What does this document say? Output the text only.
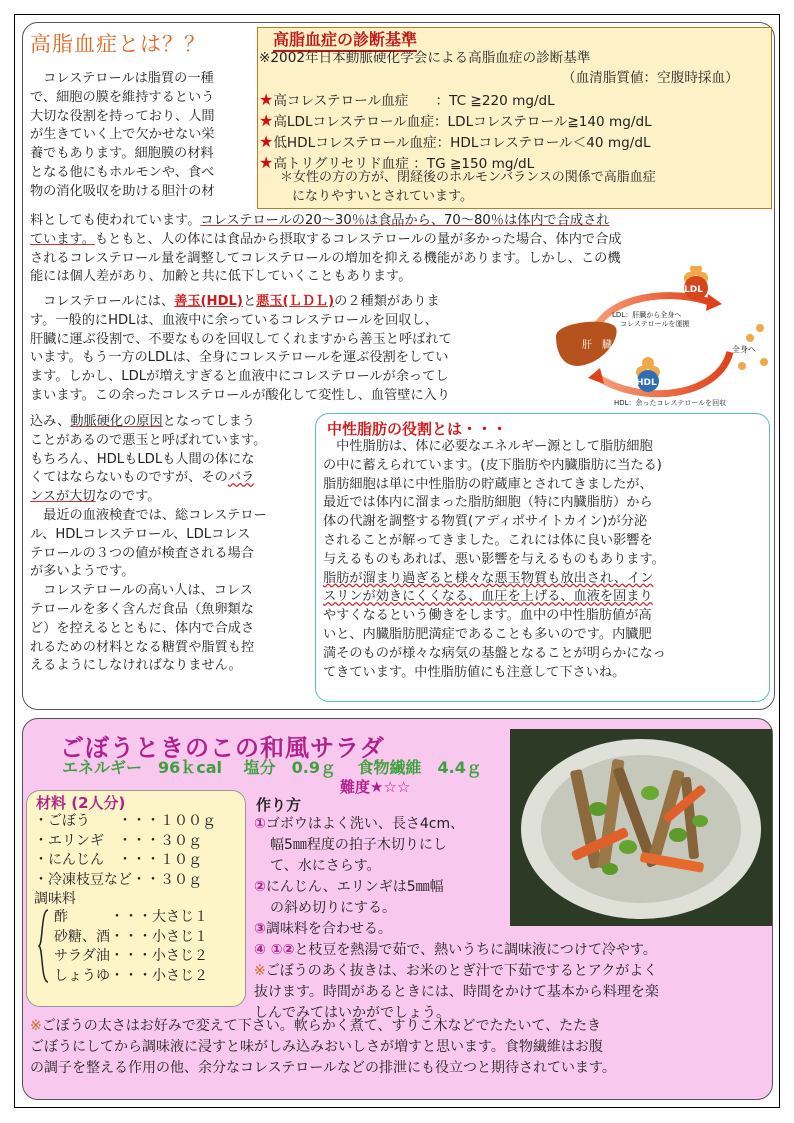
高脂血症とは？？

　コレステロールは脂質の一種

で、細胞の膜を維持するという

大切な役割を持っており、人間

が生きていく上で欠かせない栄

養でもあります。細胞膜の材料

となる他にもホルモンや、食べ

物の消化吸収を助ける胆汁の材

料としても使われています。コレステロールの20～30％は食品から、70～80％は体内で合成され

ています。もともと、人の体には食品から摂取するコレステロールの量が多かった場合、体内で合成

されるコレステロール量を調整してコレステロールの増加を抑える機能があります。しかし、この機

能には個人差があり、加齢と共に低下していくこともあります。

　コレステロールには、善玉(HDL)と悪玉(ＬＤＬ)の２種類がありま

す。一般的にHDLは、血液中に余っているコレステロールを回収し、

肝臓に運ぶ役割で、不要なものを回収してくれますから善玉と呼ばれて

います。もう一方のLDLは、全身にコレステロールを運ぶ役割をしてい

ます。しかし、LDLが増えすぎると血液中にコレステロールが余ってし

まいます。この余ったコレステロールが酸化して変性し、血管壁に入り

込み、動脈硬化の原因となってしまう

ことがあるので悪玉と呼ばれています。

もちろん、HDLもLDLも人間の体にな

くてはならないものですが、そのバラ

ンスが大切なのです。

　最近の血液検査では、総コレステロー

ル、HDLコレステロール、LDLコレス

テロールの３つの値が検査される場合

が多いようです。

　コレステロールの高い人は、コレス

テロールを多く含んだ食品（魚卵類な

ど）を控えるとともに、体内で合成さ

れるための材料となる糖質や脂質も控

えるようにしなければなりません。

高脂血症の診断基準
※2002年日本動脈硬化学会による高脂血症の診断基準
（血清脂質値：空腹時採血）
★高コレステロール血症　　：TC ≧220 mg/dL
★高LDLコレステロール血症：LDLコレステロール≧140 mg/dL
★低HDLコレステロール血症：HDLコレステロール＜40 mg/dL
★高トリグリセリド血症 ：TG ≧150 mg/dL
＊女性の方の方が、閉経後のホルモンバランスの関係で高脂血症
になりやすいとされています。
肝　臓
LDL
LDL：肝臓から全身へ
コレステロールを運搬
HDL
HDL：余ったコレステロールを回収
全身へ
中性脂肪の役割とは・・・

　中性脂肪は、体に必要なエネルギー源として脂肪細胞

の中に蓄えられています。(皮下脂肪や内臓脂肪に当たる)

脂肪細胞は単に中性脂肪の貯蔵庫とされてきましたが、

最近では体内に溜まった脂肪細胞（特に内臓脂肪）から

体の代謝を調整する物質(アディポサイトカイン)が分泌

されることが解ってきました。これには体に良い影響を

与えるものもあれば、悪い影響を与えるものもあります。

脂肪が溜まり過ぎると様々な悪玉物質も放出され、イン

スリンが効きにくくなる、血圧を上げる、血液を固まり

やすくなるという働きをします。血中の中性脂肪値が高

いと、内臓脂肪肥満症であることも多いのです。内臓肥

満そのものが様々な病気の基盤となることが明らかになっ

てきています。中性脂肪値にも注意して下さいね。

ごぼうときのこの和風サラダ
エネルギー　96ｋcal　 塩分　0.9ｇ　 食物繊維　4.4ｇ
難度★☆☆
材料 (2人分)
・ごぼう　　・・・１００ｇ
・エリンギ　・・・３０ｇ
・にんじん　・・・１０ｇ
・冷凍枝豆など・・３０ｇ
調味料
酢　　　・・・大さじ１
砂糖、酒・・・小さじ１
サラダ油・・・小さじ２
しょうゆ・・・小さじ２
作り方
①ゴボウはよく洗い、長さ4cm、
幅5㎜程度の拍子木切りにし
て、水にさらす。
②にんじん、エリンギは5㎜幅
の斜め切りにする。
③調味料を合わせる。
④ ①②と枝豆を熱湯で茹で、熱いうちに調味液につけて冷やす。
※ごぼうのあく抜きは、お米のとぎ汁で下茹でするとアクがよく
抜けます。時間があるときには、時間をかけて基本から料理を楽
しんでみてはいかがでしょう。
※ごぼうの太さはお好みで変えて下さい。軟らかく煮て、すりこ木などでたたいて、たたき
ごぼうにしてから調味液に浸すと味がしみ込みおいしさが増すと思います。食物繊維はお腹
の調子を整える作用の他、余分なコレステロールなどの排泄にも役立つと期待されています。
